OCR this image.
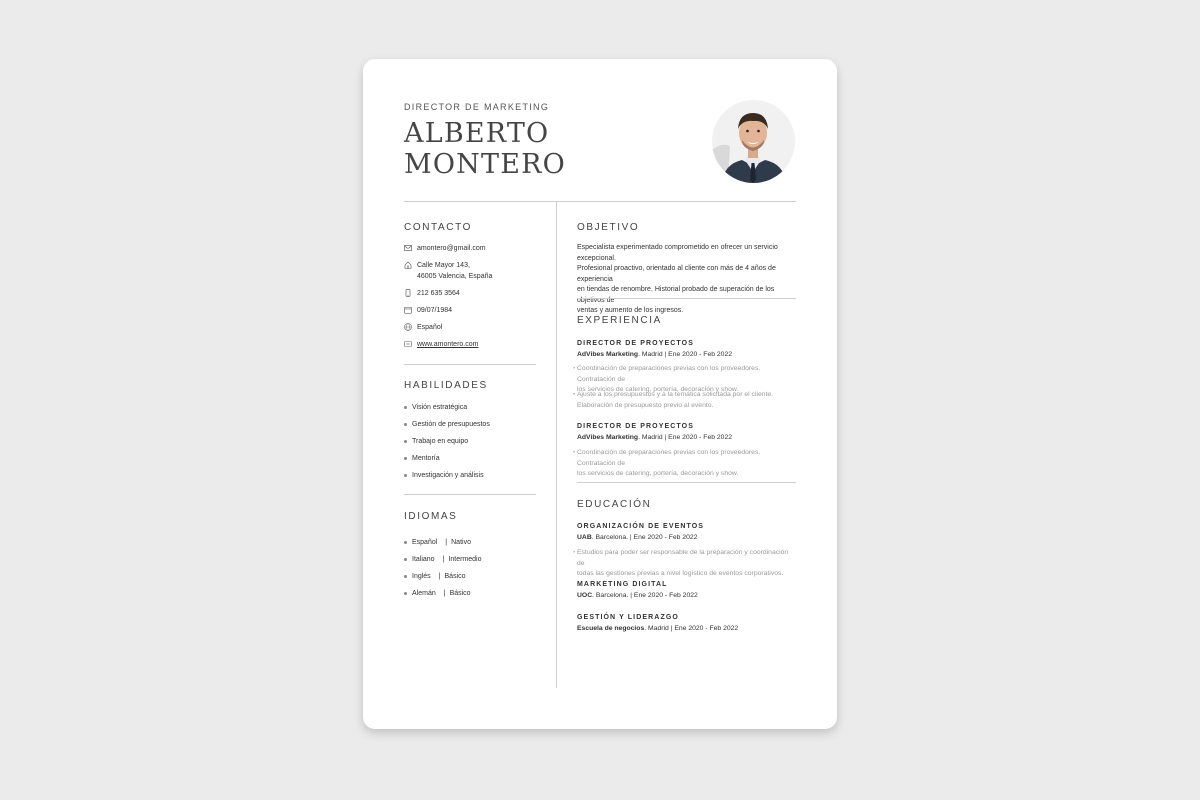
DIRECTOR DE MARKETING
ALBERTO
MONTERO
CONTACTO
amontero@gmail.com
Calle Mayor 143,
46005 Valencia, España
212 635 3564
09/07/1984
Español
www.amontero.com
HABILIDADES
Visión estratégica
Gestión de presupuestos
Trabajo en equipo
Mentoría
Investigación y análisis
IDIOMAS
Español | Nativo
Italiano | Intermedio
Inglés | Básico
Alemán | Básico
OBJETIVO
Especialista experimentado comprometido en ofrecer un servicio excepcional.
Profesional proactivo, orientado al cliente con más de 4 años de experiencia
en tiendas de renombre. Historial probado de superación de los objetivos de
ventas y aumento de los ingresos.
EXPERIENCIA
DIRECTOR DE PROYECTOS
AdVibes Marketing. Madrid | Ene 2020 - Feb 2022
• Coordinación de preparaciones previas con los proveedores. Contratación de
los servicios de catering, portería, decoración y show.
• Ajuste a los presupuestos y a la temática solicitada por el cliente.
Elaboración de presupuesto previo al evento.
DIRECTOR DE PROYECTOS
AdVibes Marketing. Madrid | Ene 2020 - Feb 2022
• Coordinación de preparaciones previas con los proveedores. Contratación de
los servicios de catering, portería, decoración y show.
EDUCACIÓN
ORGANIZACIÓN DE EVENTOS
UAB. Barcelona. | Ene 2020 - Feb 2022
• Estudios para poder ser responsable de la preparación y coordinación de
todas las gestiones previas a nivel logístico de eventos corporativos.
MARKETING DIGITAL
UOC. Barcelona. | Ene 2020 - Feb 2022
GESTIÓN Y LIDERAZGO
Escuela de negocios. Madrid | Ene 2020 - Feb 2022
